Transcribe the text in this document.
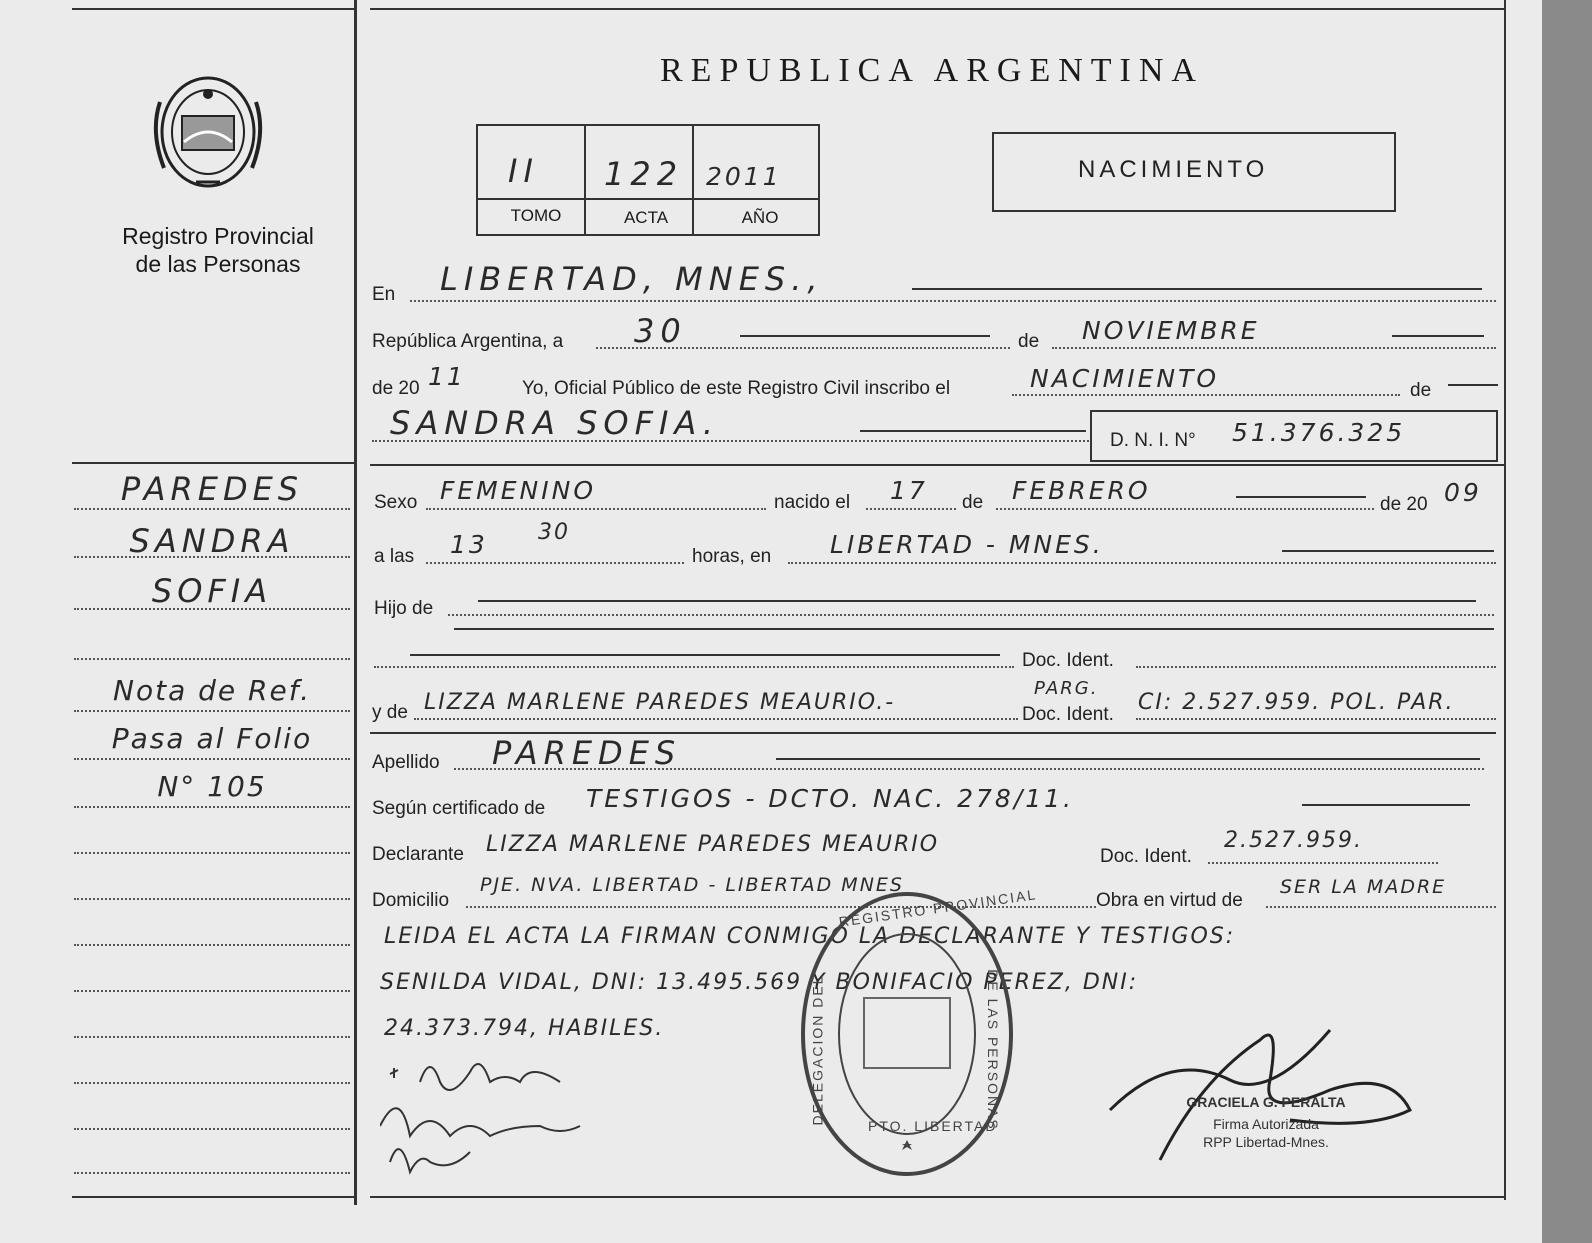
Registro Provincial
de las Personas
REPUBLICA ARGENTINA
II 122 2011
TOMO	ACTA	AÑO
NACIMIENTO
En LIBERTAD, MNES.,
República Argentina, a 30	de NOVIEMBRE
de 20 11	Yo, Oficial Público de este Registro Civil inscribo el	NACIMIENTO	de
SANDRA SOFIA.	D. N. I. N° 51.376.325
Sexo FEMENINO	nacido el 17 de FEBRERO	de 20 09
a las 13 30
horas, en LIBERTAD - MNES.
Hijo de
Doc. Ident.
y de LIZZA MARLENE PAREDES MEAURIO.-
PARG.
Doc. Ident. CI: 2.527.959. POL. PAR.
Apellido PAREDES
Según certificado de TESTIGOS - DCTO. NAC. 278/11.
Declarante LIZZA MARLENE PAREDES MEAURIO	Doc. Ident.
2.527.959.
Domicilio
PJE. NVA. LIBERTAD - LIBERTAD MNES
Obra en virtud de
SER LA MADRE
LEIDA EL ACTA LA FIRMAN CONMIGO LA DECLARANTE Y TESTIGOS:
SENILDA VIDAL, DNI: 13.495.569 Y BONIFACIO PEREZ, DNI:
24.373.794, HABILES.
REGISTRO PROVINCIAL
DELEGACION DEL	DE LAS PERSONAS
PTO. LIBERTAD
GRACIELA G. PERALTA
Firma Autorizada
RPP Libertad-Mnes.
PAREDES
SANDRA
SOFIA
Nota de Ref.
Pasa al Folio
N° 105
